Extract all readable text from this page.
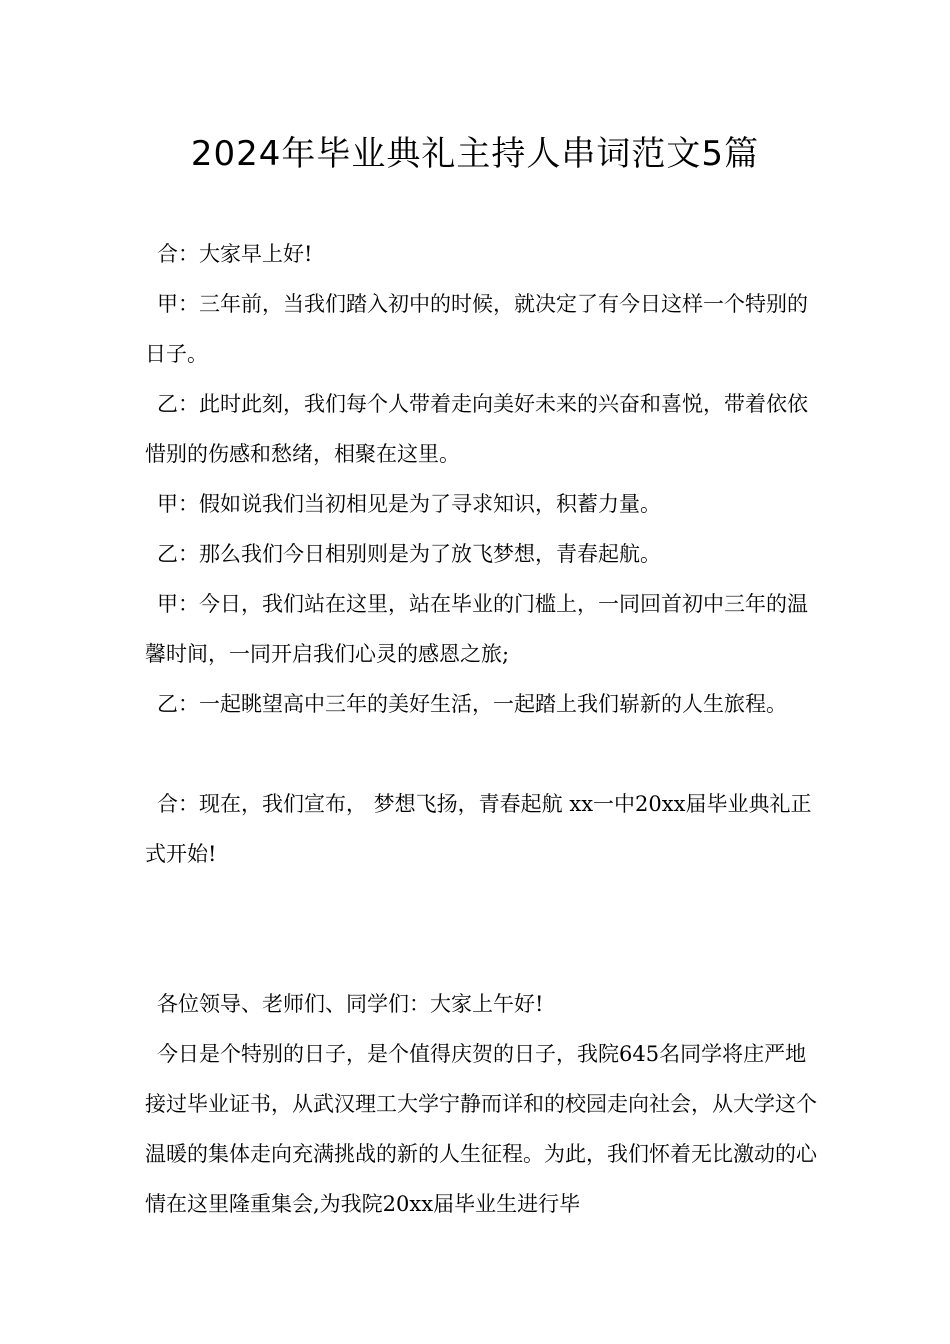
2024年毕业典礼主持人串词范文5篇

合：大家早上好!

甲：三年前，当我们踏入初中的时候，就决定了有今日这样一个特别的日子。

乙：此时此刻，我们每个人带着走向美好未来的兴奋和喜悦，带着依依惜别的伤感和愁绪，相聚在这里。

甲：假如说我们当初相见是为了寻求知识，积蓄力量。

乙：那么我们今日相别则是为了放飞梦想，青春起航。

甲：今日，我们站在这里，站在毕业的门槛上，一同回首初中三年的温馨时间，一同开启我们心灵的感恩之旅;

乙：一起眺望高中三年的美好生活，一起踏上我们崭新的人生旅程。

合：现在，我们宣布， 梦想飞扬，青春起航 xx一中20xx届毕业典礼正式开始!

各位领导、老师们、同学们：大家上午好!

今日是个特别的日子，是个值得庆贺的日子，我院645名同学将庄严地接过毕业证书，从武汉理工大学宁静而详和的校园走向社会，从大学这个温暖的集体走向充满挑战的新的人生征程。为此，我们怀着无比激动的心情在这里隆重集会,为我院20xx届毕业生进行毕
